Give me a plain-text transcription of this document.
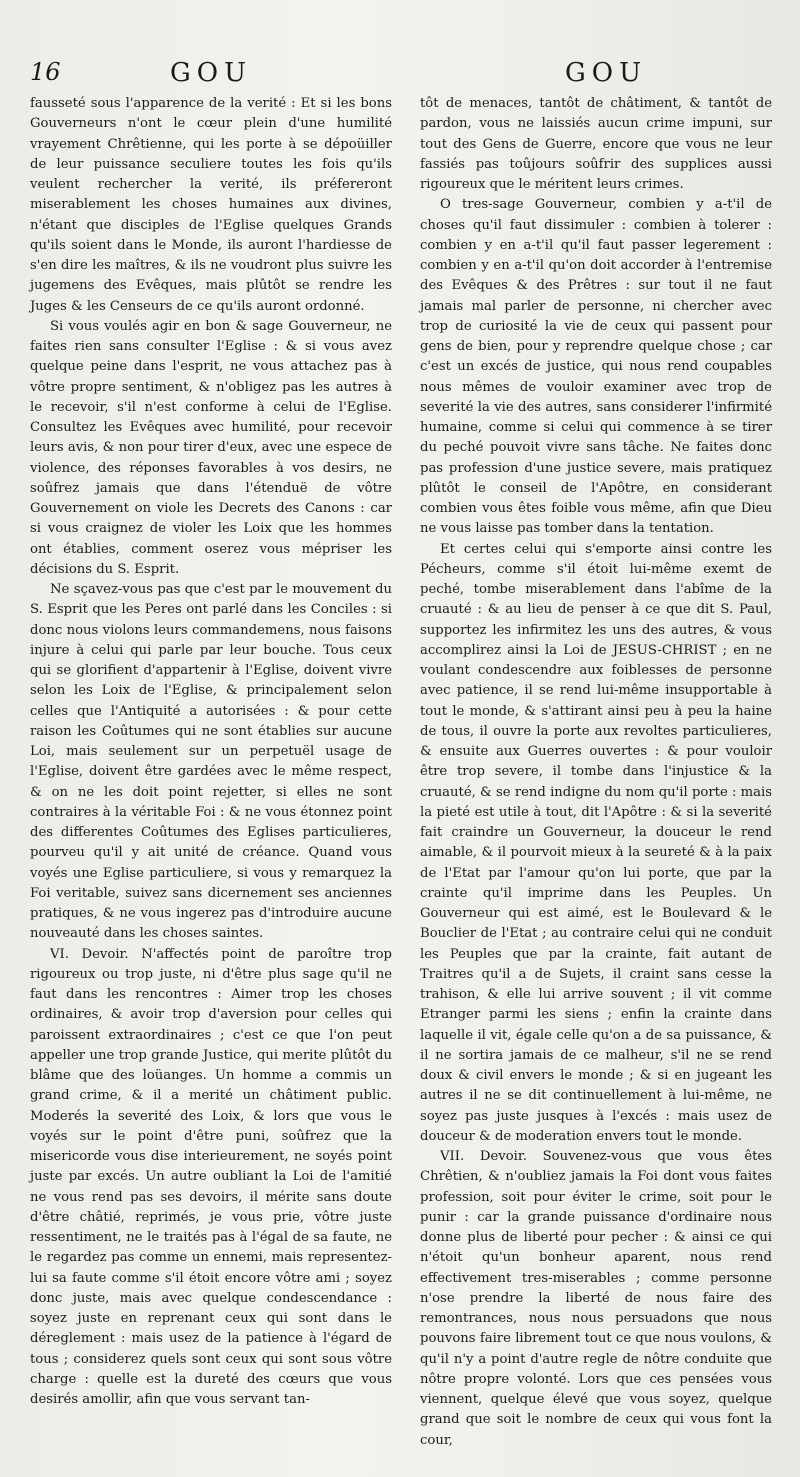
16	GOU	GOU

fausseté sous l'apparence de la verité : Et si les bons Gouverneurs n'ont le cœur plein d'une humilité vrayement Chrêtienne, qui les porte à se dépoüiller de leur puissance seculiere toutes les fois qu'ils veulent rechercher la verité, ils préfereront miserablement les choses humaines aux divines, n'étant que disciples de l'Eglise quelques Grands qu'ils soient dans le Monde, ils auront l'hardiesse de s'en dire les maîtres, & ils ne voudront plus suivre les jugemens des Evêques, mais plûtôt se rendre les Juges & les Censeurs de ce qu'ils auront ordonné.

Si vous voulés agir en bon & sage Gouverneur, ne faites rien sans consulter l'Eglise : & si vous avez quelque peine dans l'esprit, ne vous attachez pas à vôtre propre sentiment, & n'obligez pas les autres à le recevoir, s'il n'est conforme à celui de l'Eglise. Consultez les Evêques avec humilité, pour recevoir leurs avis, & non pour tirer d'eux, avec une espece de violence, des réponses favorables à vos desirs, ne soûfrez jamais que dans l'étenduë de vôtre Gouvernement on viole les Decrets des Canons : car si vous craignez de violer les Loix que les hommes ont établies, comment oserez vous mépriser les décisions du S. Esprit.

Ne sçavez-vous pas que c'est par le mouvement du S. Esprit que les Peres ont parlé dans les Conciles : si donc nous violons leurs commandemens, nous faisons injure à celui qui parle par leur bouche. Tous ceux qui se glorifient d'appartenir à l'Eglise, doivent vivre selon les Loix de l'Eglise, & principalement selon celles que l'Antiquité a autorisées : & pour cette raison les Coûtumes qui ne sont établies sur aucune Loi, mais seulement sur un perpetuël usage de l'Eglise, doivent être gardées avec le même respect, & on ne les doit point rejetter, si elles ne sont contraires à la véritable Foi : & ne vous étonnez point des differentes Coûtumes des Eglises particulieres, pourveu qu'il y ait unité de créance. Quand vous voyés une Eglise particuliere, si vous y remarquez la Foi veritable, suivez sans dicernement ses anciennes pratiques, & ne vous ingerez pas d'introduire aucune nouveauté dans les choses saintes.

VI. Devoir. N'affectés point de paroître trop rigoureux ou trop juste, ni d'être plus sage qu'il ne faut dans les rencontres : Aimer trop les choses ordinaires, & avoir trop d'aversion pour celles qui paroissent extraordinaires ; c'est ce que l'on peut appeller une trop grande Justice, qui merite plûtôt du blâme que des loüanges. Un homme a commis un grand crime, & il a merité un châtiment public. Moderés la severité des Loix, & lors que vous le voyés sur le point d'être puni, soûfrez que la misericorde vous dise interieurement, ne soyés point juste par excés. Un autre oubliant la Loi de l'amitié ne vous rend pas ses devoirs, il mérite sans doute d'être châtié, reprimés, je vous prie, vôtre juste ressentiment, ne le traités pas à l'égal de sa faute, ne le regardez pas comme un ennemi, mais representez-lui sa faute comme s'il étoit encore vôtre ami ; soyez donc juste, mais avec quelque condescendance : soyez juste en reprenant ceux qui sont dans le déreglement : mais usez de la patience à l'égard de tous ; considerez quels sont ceux qui sont sous vôtre charge : quelle est la dureté des cœurs que vous desirés amollir, afin que vous servant tan-

tôt de menaces, tantôt de châtiment, & tantôt de pardon, vous ne laissiés aucun crime impuni, sur tout des Gens de Guerre, encore que vous ne leur fassiés pas toûjours soûfrir des supplices aussi rigoureux que le méritent leurs crimes.

O tres-sage Gouverneur, combien y a-t'il de choses qu'il faut dissimuler : combien à tolerer : combien y en a-t'il qu'il faut passer legerement : combien y en a-t'il qu'on doit accorder à l'entremise des Evêques & des Prêtres : sur tout il ne faut jamais mal parler de personne, ni chercher avec trop de curiosité la vie de ceux qui passent pour gens de bien, pour y reprendre quelque chose ; car c'est un excés de justice, qui nous rend coupables nous mêmes de vouloir examiner avec trop de severité la vie des autres, sans considerer l'infirmité humaine, comme si celui qui commence à se tirer du peché pouvoit vivre sans tâche. Ne faites donc pas profession d'une justice severe, mais pratiquez plûtôt le conseil de l'Apôtre, en considerant combien vous êtes foible vous même, afin que Dieu ne vous laisse pas tomber dans la tentation.

Et certes celui qui s'emporte ainsi contre les Pécheurs, comme s'il étoit lui-même exemt de peché, tombe miserablement dans l'abîme de la cruauté : & au lieu de penser à ce que dit S. Paul, supportez les infirmitez les uns des autres, & vous accomplirez ainsi la Loi de JESUS-CHRIST ; en ne voulant condescendre aux foiblesses de personne avec patience, il se rend lui-même insupportable à tout le monde, & s'attirant ainsi peu à peu la haine de tous, il ouvre la porte aux revoltes particulieres, & ensuite aux Guerres ouvertes : & pour vouloir être trop severe, il tombe dans l'injustice & la cruauté, & se rend indigne du nom qu'il porte : mais la pieté est utile à tout, dit l'Apôtre : & si la severité fait craindre un Gouverneur, la douceur le rend aimable, & il pourvoit mieux à la seureté & à la paix de l'Etat par l'amour qu'on lui porte, que par la crainte qu'il imprime dans les Peuples. Un Gouverneur qui est aimé, est le Boulevard & le Bouclier de l'Etat ; au contraire celui qui ne conduit les Peuples que par la crainte, fait autant de Traitres qu'il a de Sujets, il craint sans cesse la trahison, & elle lui arrive souvent ; il vit comme Etranger parmi les siens ; enfin la crainte dans laquelle il vit, égale celle qu'on a de sa puissance, & il ne sortira jamais de ce malheur, s'il ne se rend doux & civil envers le monde ; & si en jugeant les autres il ne se dit continuellement à lui-même, ne soyez pas juste jusques à l'excés : mais usez de douceur & de moderation envers tout le monde.

VII. Devoir. Souvenez-vous que vous êtes Chrêtien, & n'oubliez jamais la Foi dont vous faites profession, soit pour éviter le crime, soit pour le punir : car la grande puissance d'ordinaire nous donne plus de liberté pour pecher : & ainsi ce qui n'étoit qu'un bonheur aparent, nous rend effectivement tres-miserables ; comme personne n'ose prendre la liberté de nous faire des remontrances, nous nous persuadons que nous pouvons faire librement tout ce que nous voulons, & qu'il n'y a point d'autre regle de nôtre conduite que nôtre propre volonté. Lors que ces pensées vous viennent, quelque élevé que vous soyez, quelque grand que soit le nombre de ceux qui vous font la cour,
